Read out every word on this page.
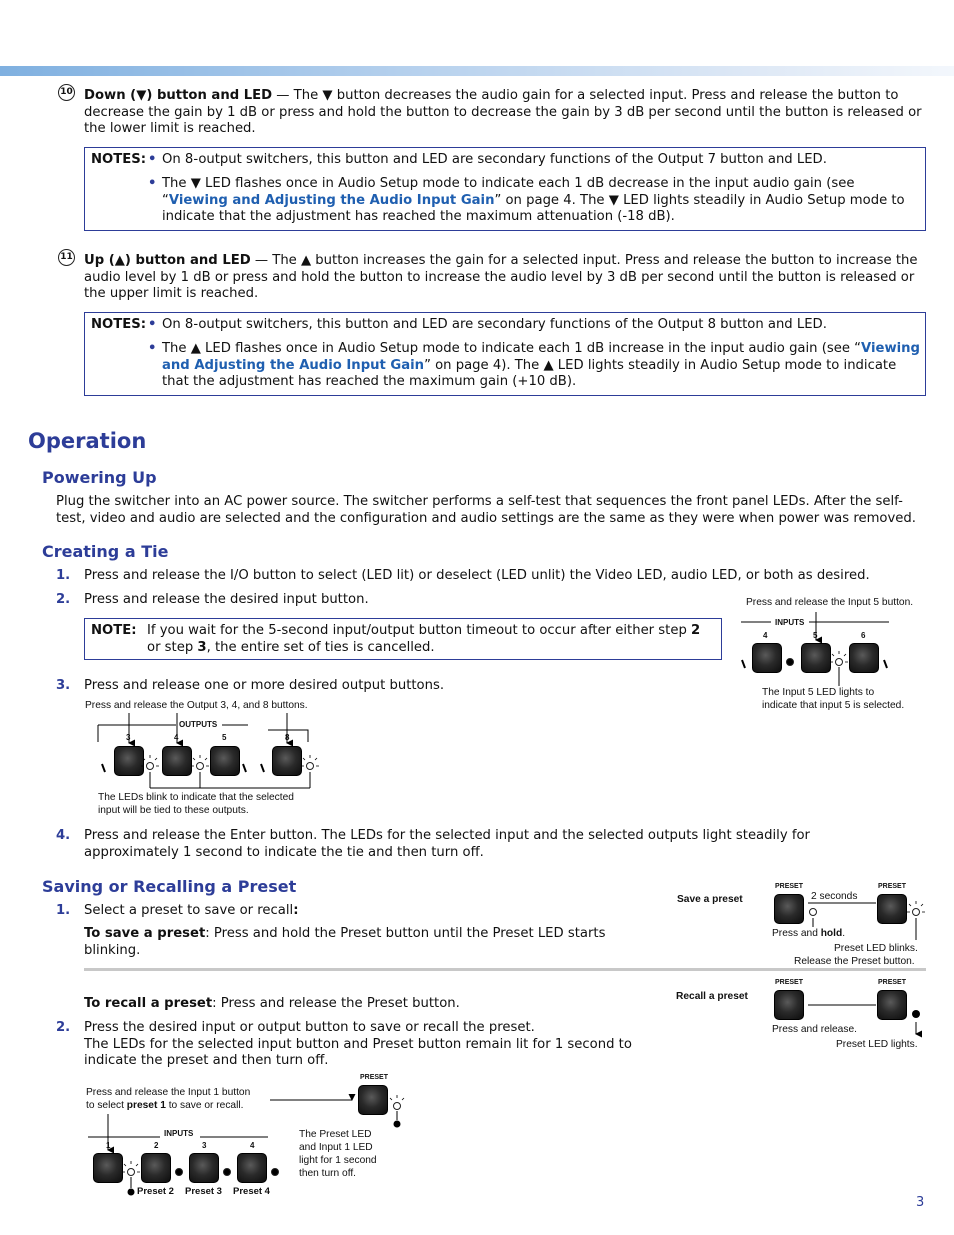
10 Down (▼) button and LED — The ▼ button decreases the audio gain for a selected input. Press and release the button to decrease the gain by 1 dB or press and hold the button to decrease the gain by 3 dB per second until the button is released or the lower limit is reached.

NOTES: • On 8-output switchers, this button and LED are secondary functions of the Output 7 button and LED.

• The ▼ LED flashes once in Audio Setup mode to indicate each 1 dB decrease in the input audio gain (see “Viewing and Adjusting the Audio Input Gain” on page 4. The ▼ LED lights steadily in Audio Setup mode to indicate that the adjustment has reached the maximum attenuation (-18 dB).

11 Up (▲) button and LED — The ▲ button increases the gain for a selected input. Press and release the button to increase the audio level by 1 dB or press and hold the button to increase the audio level by 3 dB per second until the button is released or the upper limit is reached.

NOTES: • On 8-output switchers, this button and LED are secondary functions of the Output 8 button and LED.

• The ▲ LED flashes once in Audio Setup mode to indicate each 1 dB increase in the input audio gain (see “Viewing and Adjusting the Audio Input Gain” on page 4). The ▲ LED lights steadily in Audio Setup mode to indicate that the adjustment has reached the maximum gain (+10 dB).

Operation
Powering Up

Plug the switcher into an AC power source. The switcher performs a self-test that sequences the front panel LEDs. After the self-test, video and audio are selected and the configuration and audio settings are the same as they were when power was removed.

Creating a Tie
1. Press and release the I/O button to select (LED lit) or deselect (LED unlit) the Video LED, audio LED, or both as desired.

2. Press and release the desired input button.

NOTE: If you wait for the 5-second input/output button timeout to occur after either step 2 or step 3, the entire set of ties is cancelled.

3. Press and release one or more desired output buttons.

4. Press and release the Enter button. The LEDs for the selected input and the selected outputs light steadily for approximately 1 second to indicate the tie and then turn off.

Saving or Recalling a Preset
1. Select a preset to save or recall:

To save a preset: Press and hold the Preset button until the Preset LED starts blinking.

To recall a preset: Press and release the Preset button.

2. Press the desired input or output button to save or recall the preset.
The LEDs for the selected input button and Preset button remain lit for 1 second to indicate the preset and then turn off.

Press and release the Input 5 button.
INPUTS
4	5	6
The Input 5 LED lights to
indicate that input 5 is selected.
Press and release the Output 3, 4, and 8 buttons.
OUTPUTS
3	4	5	8
The LEDs blink to indicate that the selected
input will be tied to these outputs.
Save a preset
PRESET	PRESET
2 seconds
Press and hold.
Preset LED blinks.
Release the Preset button.
Recall a preset
PRESET	PRESET
Press and release.
Preset LED lights.
Press and release the Input 1 button
to select preset 1 to save or recall.
PRESET
INPUTS
1	2	3	4
Preset 2 Preset 3 Preset 4
The Preset LED
and Input 1 LED
light for 1 second
then turn off.
3
